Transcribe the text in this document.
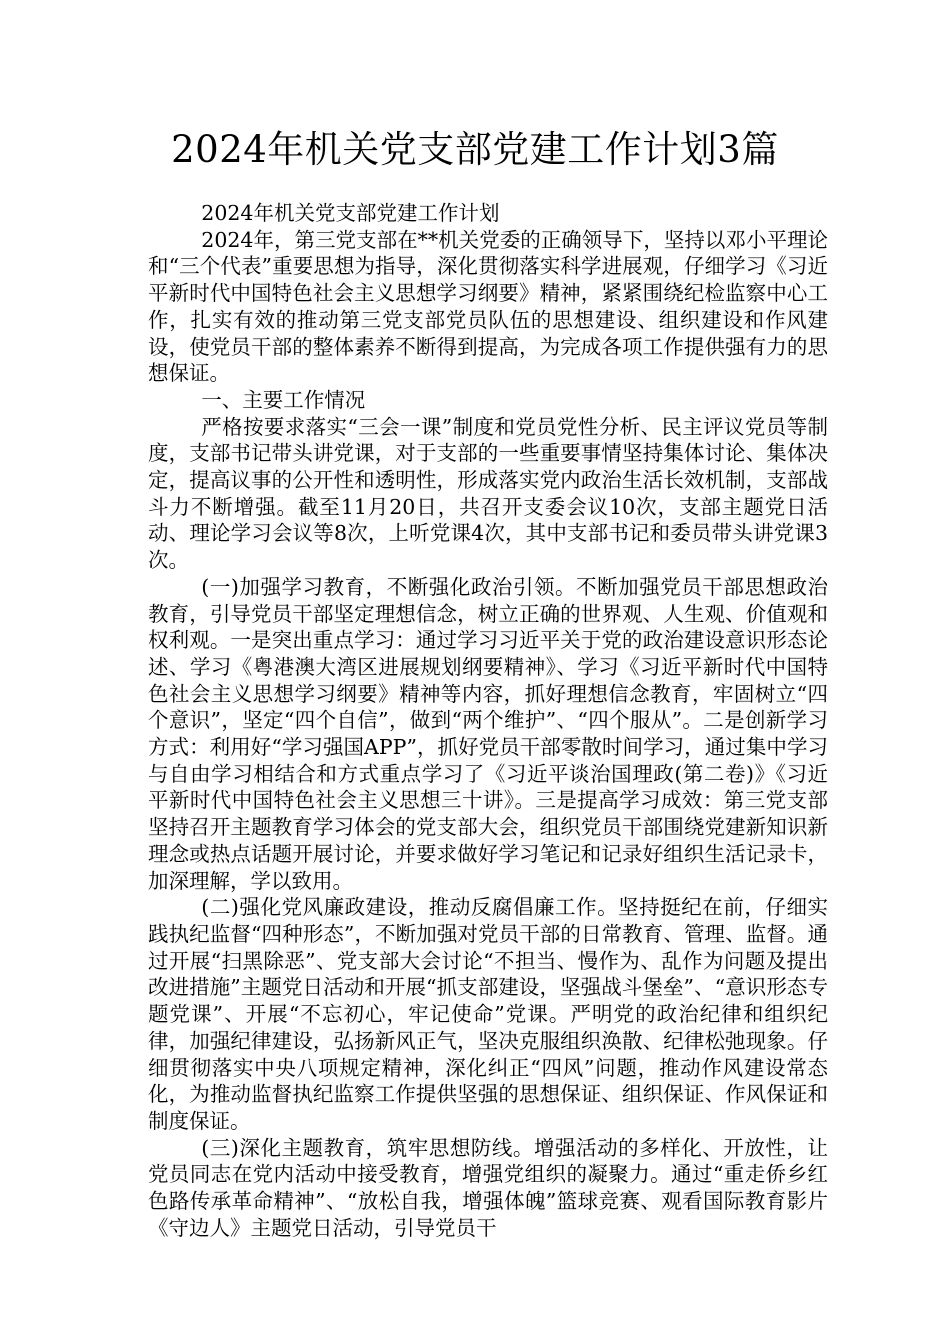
2024年机关党支部党建工作计划3篇

2024年机关党支部党建工作计划

2024年，第三党支部在**机关党委的正确领导下，坚持以邓小平理论和“三个代表”重要思想为指导，深化贯彻落实科学进展观，仔细学习《习近平新时代中国特色社会主义思想学习纲要》精神，紧紧围绕纪检监察中心工作，扎实有效的推动第三党支部党员队伍的思想建设、组织建设和作风建设，使党员干部的整体素养不断得到提高，为完成各项工作提供强有力的思想保证。

一、主要工作情况

严格按要求落实“三会一课”制度和党员党性分析、民主评议党员等制度，支部书记带头讲党课，对于支部的一些重要事情坚持集体讨论、集体决定，提高议事的公开性和透明性，形成落实党内政治生活长效机制，支部战斗力不断增强。截至11月20日，共召开支委会议10次，支部主题党日活动、理论学习会议等8次，上听党课4次，其中支部书记和委员带头讲党课3次。

(一)加强学习教育，不断强化政治引领。不断加强党员干部思想政治教育，引导党员干部坚定理想信念，树立正确的世界观、人生观、价值观和权利观。一是突出重点学习：通过学习习近平关于党的政治建设意识形态论述、学习《粤港澳大湾区进展规划纲要精神》、学习《习近平新时代中国特色社会主义思想学习纲要》精神等内容，抓好理想信念教育，牢固树立“四个意识”，坚定“四个自信”，做到“两个维护”、“四个服从”。二是创新学习方式：利用好“学习强国APP”，抓好党员干部零散时间学习，通过集中学习与自由学习相结合和方式重点学习了《习近平谈治国理政(第二卷)》《习近平新时代中国特色社会主义思想三十讲》。三是提高学习成效：第三党支部坚持召开主题教育学习体会的党支部大会，组织党员干部围绕党建新知识新理念或热点话题开展讨论，并要求做好学习笔记和记录好组织生活记录卡，加深理解，学以致用。

(二)强化党风廉政建设，推动反腐倡廉工作。坚持挺纪在前，仔细实践执纪监督“四种形态”，不断加强对党员干部的日常教育、管理、监督。通过开展“扫黑除恶”、党支部大会讨论“不担当、慢作为、乱作为问题及提出改进措施”主题党日活动和开展“抓支部建设，坚强战斗堡垒”、“意识形态专题党课”、开展“不忘初心，牢记使命”党课。严明党的政治纪律和组织纪律，加强纪律建设，弘扬新风正气，坚决克服组织涣散、纪律松弛现象。仔细贯彻落实中央八项规定精神，深化纠正“四风”问题，推动作风建设常态化，为推动监督执纪监察工作提供坚强的思想保证、组织保证、作风保证和制度保证。

(三)深化主题教育，筑牢思想防线。增强活动的多样化、开放性，让党员同志在党内活动中接受教育，增强党组织的凝聚力。通过“重走侨乡红色路传承革命精神”、“放松自我，增强体魄”篮球竞赛、观看国际教育影片《守边人》主题党日活动，引导党员干
